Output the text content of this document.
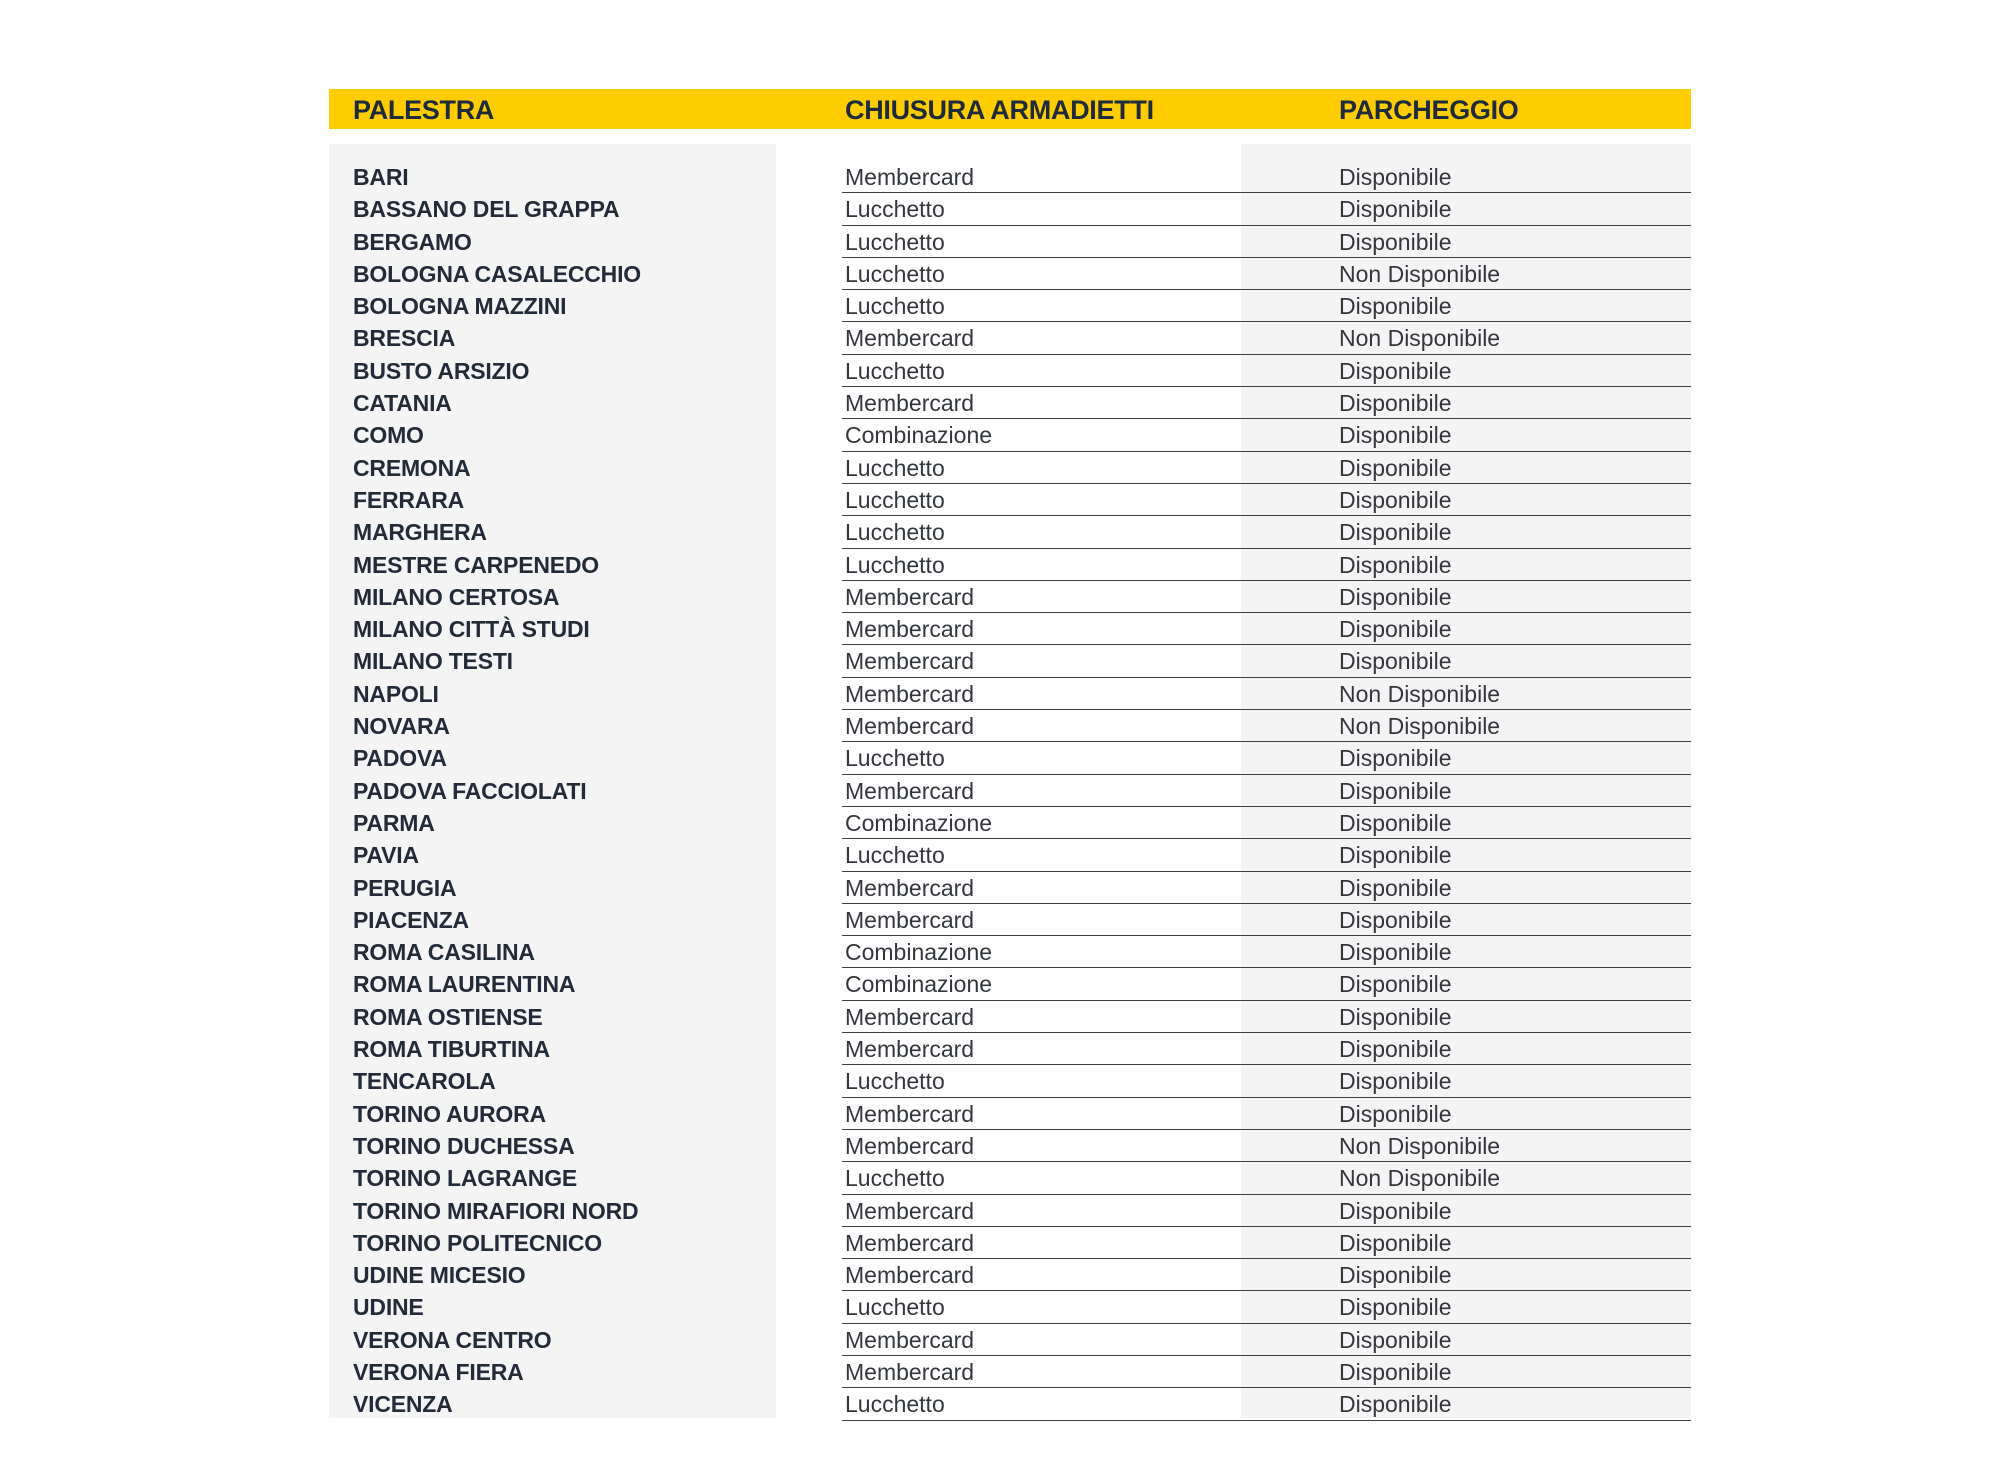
PALESTRA	CHIUSURA ARMADIETTI	PARCHEGGIO
BARI	Membercard	Disponibile
BASSANO DEL GRAPPA	Lucchetto	Disponibile
BERGAMO	Lucchetto	Disponibile
BOLOGNA CASALECCHIO	Lucchetto	Non Disponibile
BOLOGNA MAZZINI	Lucchetto	Disponibile
BRESCIA	Membercard	Non Disponibile
BUSTO ARSIZIO	Lucchetto	Disponibile
CATANIA	Membercard	Disponibile
COMO	Combinazione	Disponibile
CREMONA	Lucchetto	Disponibile
FERRARA	Lucchetto	Disponibile
MARGHERA	Lucchetto	Disponibile
MESTRE CARPENEDO	Lucchetto	Disponibile
MILANO CERTOSA	Membercard	Disponibile
MILANO CITTÀ STUDI	Membercard	Disponibile
MILANO TESTI	Membercard	Disponibile
NAPOLI	Membercard	Non Disponibile
NOVARA	Membercard	Non Disponibile
PADOVA	Lucchetto	Disponibile
PADOVA FACCIOLATI	Membercard	Disponibile
PARMA	Combinazione	Disponibile
PAVIA	Lucchetto	Disponibile
PERUGIA	Membercard	Disponibile
PIACENZA	Membercard	Disponibile
ROMA CASILINA	Combinazione	Disponibile
ROMA LAURENTINA	Combinazione	Disponibile
ROMA OSTIENSE	Membercard	Disponibile
ROMA TIBURTINA	Membercard	Disponibile
TENCAROLA	Lucchetto	Disponibile
TORINO AURORA	Membercard	Disponibile
TORINO DUCHESSA	Membercard	Non Disponibile
TORINO LAGRANGE	Lucchetto	Non Disponibile
TORINO MIRAFIORI NORD	Membercard	Disponibile
TORINO POLITECNICO	Membercard	Disponibile
UDINE MICESIO	Membercard	Disponibile
UDINE	Lucchetto	Disponibile
VERONA CENTRO	Membercard	Disponibile
VERONA FIERA	Membercard	Disponibile
VICENZA	Lucchetto	Disponibile
